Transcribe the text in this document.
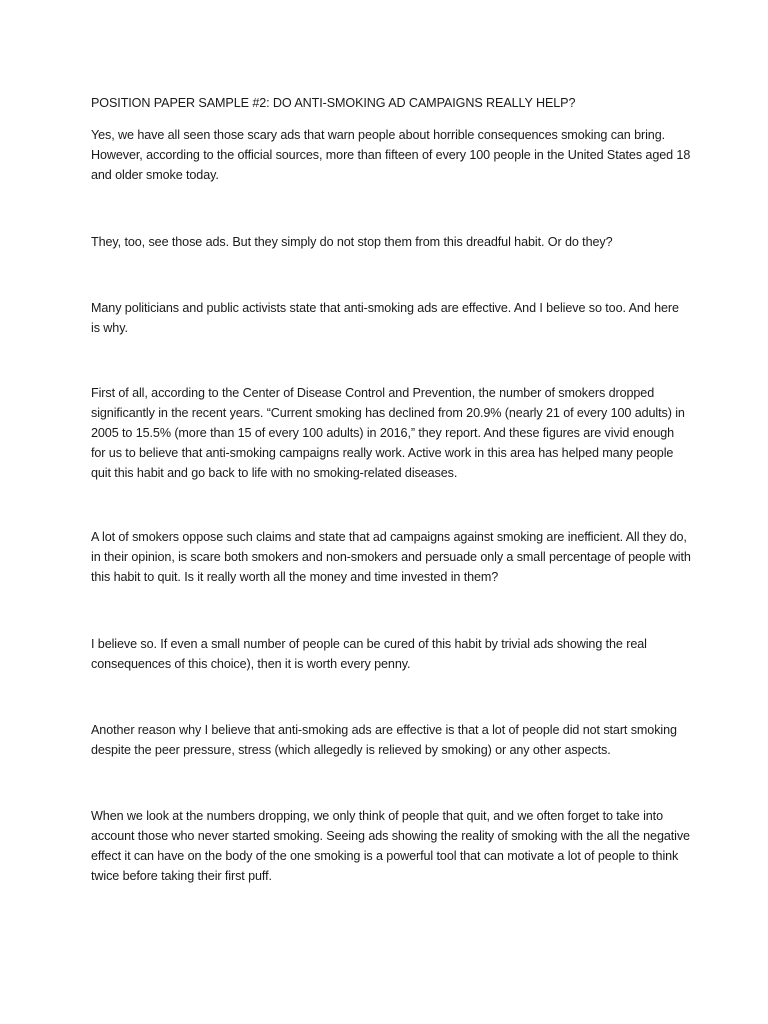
POSITION PAPER SAMPLE #2: DO ANTI-SMOKING AD CAMPAIGNS REALLY HELP?

Yes, we have all seen those scary ads that warn people about horrible consequences smoking can bring. However, according to the official sources, more than fifteen of every 100 people in the United States aged 18 and older smoke today.

They, too, see those ads. But they simply do not stop them from this dreadful habit. Or do they?

Many politicians and public activists state that anti-smoking ads are effective. And I believe so too. And here is why.

First of all, according to the Center of Disease Control and Prevention, the number of smokers dropped significantly in the recent years. “Current smoking has declined from 20.9% (nearly 21 of every 100 adults) in 2005 to 15.5% (more than 15 of every 100 adults) in 2016,” they report. And these figures are vivid enough for us to believe that anti-smoking campaigns really work. Active work in this area has helped many people quit this habit and go back to life with no smoking-related diseases.

A lot of smokers oppose such claims and state that ad campaigns against smoking are inefficient. All they do, in their opinion, is scare both smokers and non-smokers and persuade only a small percentage of people with this habit to quit. Is it really worth all the money and time invested in them?

I believe so. If even a small number of people can be cured of this habit by trivial ads showing the real consequences of this choice), then it is worth every penny.

Another reason why I believe that anti-smoking ads are effective is that a lot of people did not start smoking despite the peer pressure, stress (which allegedly is relieved by smoking) or any other aspects.

When we look at the numbers dropping, we only think of people that quit, and we often forget to take into account those who never started smoking. Seeing ads showing the reality of smoking with the all the negative effect it can have on the body of the one smoking is a powerful tool that can motivate a lot of people to think twice before taking their first puff.
